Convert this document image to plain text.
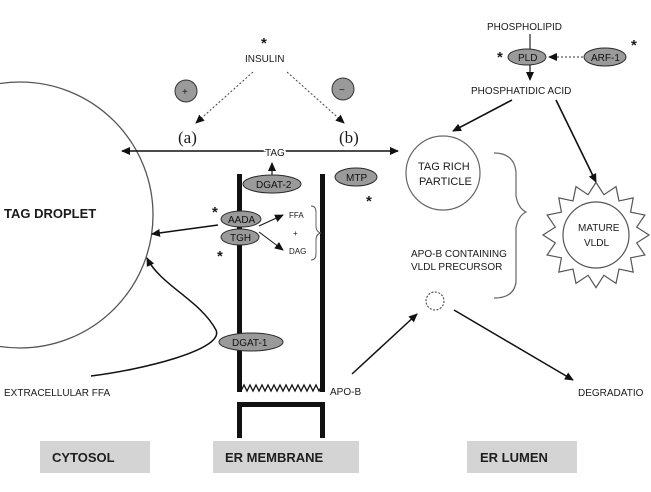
TAG DROPLET
*
INSULIN
+	−
(a)	(b)
TAG
APO-B
DGAT-2
MTP
*
* AADA
TGH
*
FFA
+
DAG
DGAT-1
EXTRACELLULAR FFA
PHOSPHOLIPID
* PLD	ARF-1
*
PHOSPHATIDIC ACID
TAG RICH
PARTICLE
MATURE
VLDL
APO-B CONTAINING
VLDL PRECURSOR
DEGRADATIO
CYTOSOL	ER MEMBRANE	ER LUMEN
